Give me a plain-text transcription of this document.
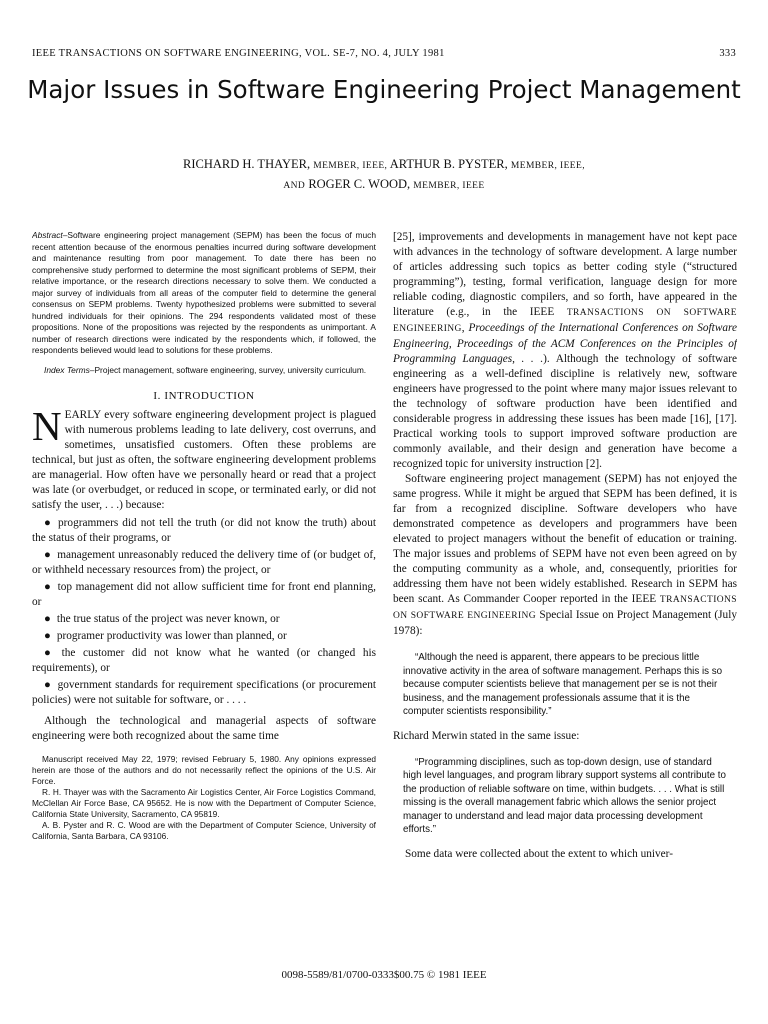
IEEE TRANSACTIONS ON SOFTWARE ENGINEERING, VOL. SE-7, NO. 4, JULY 1981	333
Major Issues in Software Engineering Project Management
RICHARD H. THAYER, MEMBER, IEEE, ARTHUR B. PYSTER, MEMBER, IEEE,
AND ROGER C. WOOD, MEMBER, IEEE

Abstract–Software engineering project management (SEPM) has been the focus of much recent attention because of the enormous penalties incurred during software development and maintenance resulting from poor management. To date there has been no comprehensive study performed to determine the most significant problems of SEPM, their relative importance, or the research directions necessary to solve them. We conducted a major survey of individuals from all areas of the computer field to determine the general consensus on SEPM problems. Twenty hypothesized problems were submitted to several hundred individuals for their opinions. The 294 respondents validated most of these propositions. None of the propositions was rejected by the respondents as unimportant. A number of research directions were indicated by the respondents which, if followed, the respondents believed would lead to solutions for these problems.

Index Terms–Project management, software engineering, survey, university curriculum.

I. INTRODUCTION

NEARLY every software engineering development project is plagued with numerous problems leading to late delivery, cost overruns, and sometimes, unsatisfied customers. Often these problems are technical, but just as often, the software engineering development problems are managerial. How often have we personally heard or read that a project was late (or overbudget, or reduced in scope, or terminated early, or did not satisfy the user, . . .) because:

● programmers did not tell the truth (or did not know the truth) about the status of their programs, or
● management unreasonably reduced the delivery time of (or budget of, or withheld necessary resources from) the project, or
● top management did not allow sufficient time for front end planning, or
● the true status of the project was never known, or
● programer productivity was lower than planned, or
● the customer did not know what he wanted (or changed his requirements), or
● government standards for requirement specifications (or procurement policies) were not suitable for software, or . . . .

Although the technological and managerial aspects of software engineering were both recognized about the same time

Manuscript received May 22, 1979; revised February 5, 1980. Any opinions expressed herein are those of the authors and do not necessarily reflect the opinions of the U.S. Air Force.

R. H. Thayer was with the Sacramento Air Logistics Center, Air Force Logistics Command, McClellan Air Force Base, CA 95652. He is now with the Department of Computer Science, California State University, Sacramento, CA 95819.

A. B. Pyster and R. C. Wood are with the Department of Computer Science, University of California, Santa Barbara, CA 93106.

[25], improvements and developments in management have not kept pace with advances in the technology of software development. A large number of articles addressing such topics as better coding style (“structured programming”), testing, formal verification, language design for more reliable coding, diagnostic compilers, and so forth, have appeared in the literature (e.g., in the IEEE TRANSACTIONS ON SOFTWARE ENGINEERING, Proceedings of the International Conferences on Software Engineering, Proceedings of the ACM Conferences on the Principles of Programming Languages, . . .). Although the technology of software engineering as a well-defined discipline is relatively new, software engineers have progressed to the point where many major issues relevant to the technology of software production have been identified and considerable progress in addressing these issues has been made [16], [17]. Practical working tools to support improved software production are commonly available, and their design and generation have become a recognized topic for university instruction [2].

Software engineering project management (SEPM) has not enjoyed the same progress. While it might be argued that SEPM has been defined, it is far from a recognized discipline. Software developers who have demonstrated competence as developers and programmers have been elevated to project managers without the benefit of education or training. The major issues and problems of SEPM have not even been agreed on by the computing community as a whole, and, consequently, priorities for addressing them have not been widely established. Research in SEPM has been scant. As Commander Cooper reported in the IEEE TRANSACTIONS ON SOFTWARE ENGINEERING Special Issue on Project Management (July 1978):

“Although the need is apparent, there appears to be precious little innovative activity in the area of software management. Perhaps this is so because computer scientists believe that management per se is not their business, and the management professionals assume that it is the computer scientists responsibility.”

Richard Merwin stated in the same issue:

“Programming disciplines, such as top-down design, use of standard high level languages, and program library support systems all contribute to the production of reliable software on time, within budgets. . . . What is still missing is the overall management fabric which allows the senior project manager to understand and lead major data processing development efforts.”

Some data were collected about the extent to which univer-

0098-5589/81/0700-0333$00.75 © 1981 IEEE
